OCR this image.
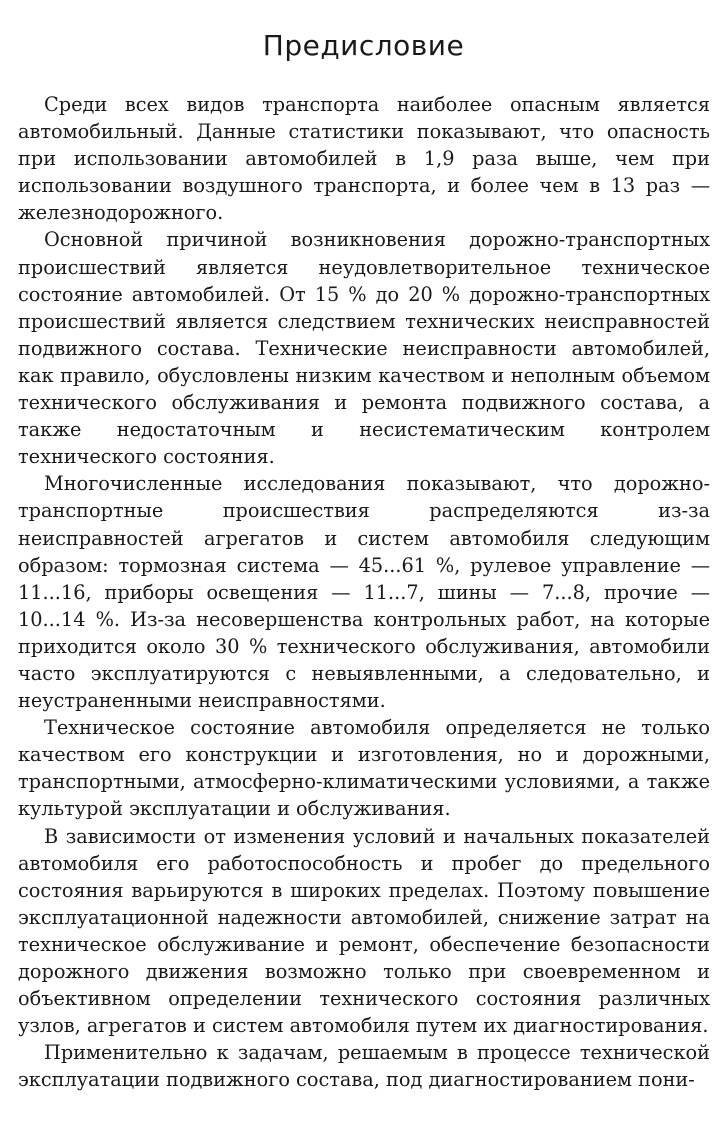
Предисловие

Среди всех видов транспорта наиболее опасным является автомобильный. Данные статистики показывают, что опасность при использовании автомобилей в 1,9 раза выше, чем при использовании воздушного транспорта, и более чем в 13 раз — железнодорожного.

Основной причиной возникновения дорожно-транспортных происшествий является неудовлетворительное техническое состояние автомобилей. От 15 % до 20 % дорожно-транспортных происшествий является следствием технических неисправностей подвижного состава. Технические неисправности автомобилей, как правило, обусловлены низким качеством и неполным объемом технического обслуживания и ремонта подвижного состава, а также недостаточным и несистематическим контролем технического состояния.

Многочисленные исследования показывают, что дорожно-транспортные происшествия распределяются из-за неисправностей агрегатов и систем автомобиля следующим образом: тормозная система — 45...61 %, рулевое управление — 11...16, приборы освещения — 11...7, шины — 7...8, прочие — 10...14 %. Из-за несовершенства контрольных работ, на которые приходится около 30 % технического обслуживания, автомобили часто эксплуатируются с невыявленными, а следовательно, и неустраненными неисправностями.

Техническое состояние автомобиля определяется не только качеством его конструкции и изготовления, но и дорожными, транспортными, атмосферно-климатическими условиями, а также культурой эксплуатации и обслуживания.

В зависимости от изменения условий и начальных показателей автомобиля его работоспособность и пробег до предельного состояния варьируются в широких пределах. Поэтому повышение эксплуатационной надежности автомобилей, снижение затрат на техническое обслуживание и ремонт, обеспечение безопасности дорожного движения возможно только при своевременном и объективном определении технического состояния различных узлов, агрегатов и систем автомобиля путем их диагностирования.

Применительно к задачам, решаемым в процессе технической эксплуатации подвижного состава, под диагностированием пони-
